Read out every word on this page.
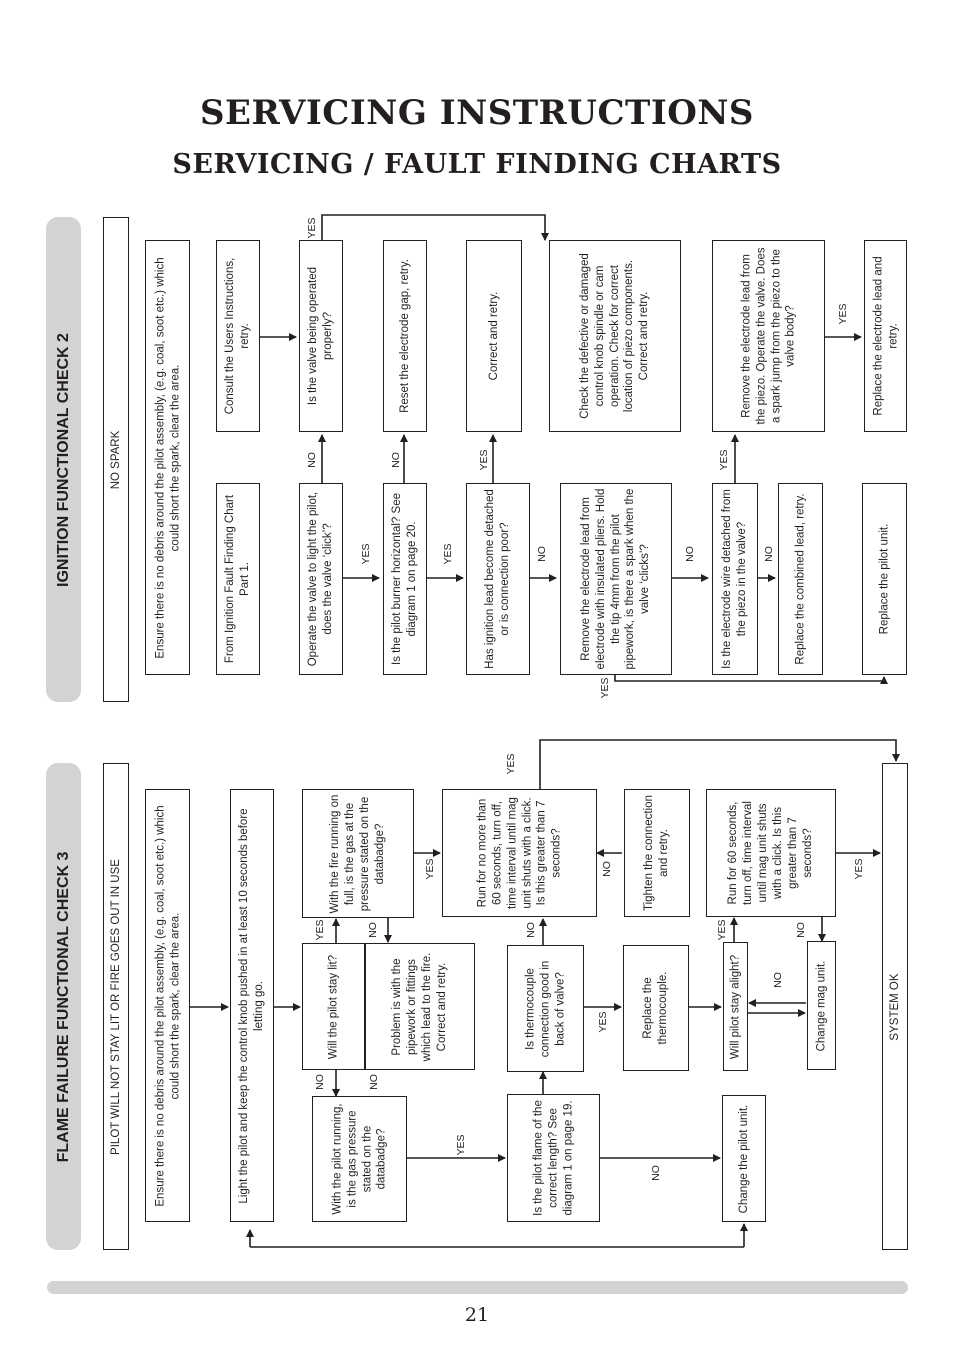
SERVICING INSTRUCTIONS
SERVICING / FAULT FINDING CHARTS
IGNITION FUNCTIONAL CHECK 2
FLAME FAILURE FUNCTIONAL CHECK 3
NO SPARK	Ensure there is no debris around the pilot assembly, (e.g. coal, soot etc.) which could short the spark, clear the area.
From Ignition Fault Finding Chart Part 1.
Consult the Users Instructions, retry.
Operate the valve to light the pilot, does the valve ‘click’?
Is the valve being operated properly?
Is the pilot burner horizontal? See diagram 1 on page 20.
Reset the electrode gap, retry.
Has ignition lead become detached or is connection poor?
Correct and retry.
Remove the electrode lead from electrode with insulated pliers. Hold the tip 4mm from the pilot pipework, is there a spark when the valve ‘clicks’?
Check the defective or damaged control knob spindle or cam operation. Check for correct location of piezo components. Correct and retry.
Is the electrode wire detached from the piezo in the valve?	Replace the combined lead, retry.
Remove the electrode lead from the piezo. Operate the valve. Does a spark jump from the piezo to the valve body?
Replace the pilot unit.
Replace the electrode lead and retry.
YES
NO
YES
NO
YES
YES
NO
YES
NO
YES
NO
YES
PILOT WILL NOT STAY LIT OR FIRE GOES OUT IN USE	Ensure there is no debris around the pilot assembly, (e.g. coal, soot etc.) which could short the spark, clear the area.	Light the pilot and keep the control knob pushed in at least 10 seconds before letting go.
With the pilot running, is the gas pressure stated on the databadge?
Will the pilot stay lit?
With the fire running on full, is the gas at the pressure stated on the databadge?
Problem is with the pipework or fittings which lead to the fire. Correct and retry.
Is the pilot flame of the correct length? See diagram 1 on page 19.
Is thermocouple connection good in back of valve?
Run for no more than 60 seconds, turn off, time interval until mag unit shuts with a click. Is this greater than 7 seconds?
Replace the thermocouple.
Tighten the connection and retry.
Change the pilot unit.
Will pilot stay alight?
Run for 60 seconds, turn off, time interval until mag unit shuts with a click. Is this greater than 7 seconds?
Change mag unit.	SYSTEM OK
NO
YES	NO
NO
YES
YES
YES
NO
NO
YES
NO
YES
NO
NO
YES
21
